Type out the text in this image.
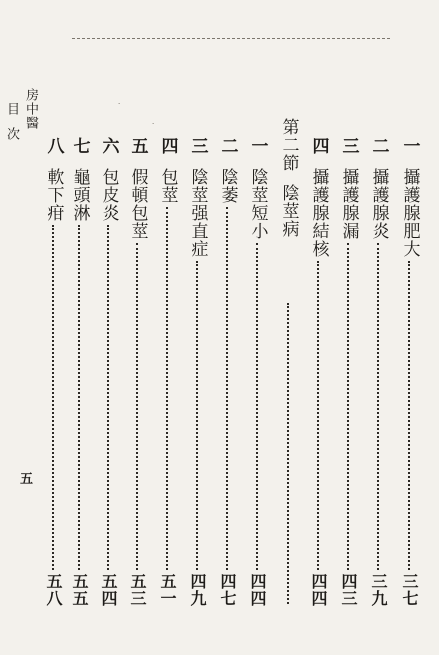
房中醫
目次
五
一
攝護腺肥大
三七
二
攝護腺炎
三九
三
攝護腺漏
四三
四
攝護腺結核
四四
第二節
陰莖病
一
陰莖短小
四四
二
陰萎
四七
三
陰莖强直症
四九
四
包莖
五一
五
假頓包莖
五三
六
包皮炎
五四
七
龜頭淋
五五
八
軟下疳
五八
·
·
